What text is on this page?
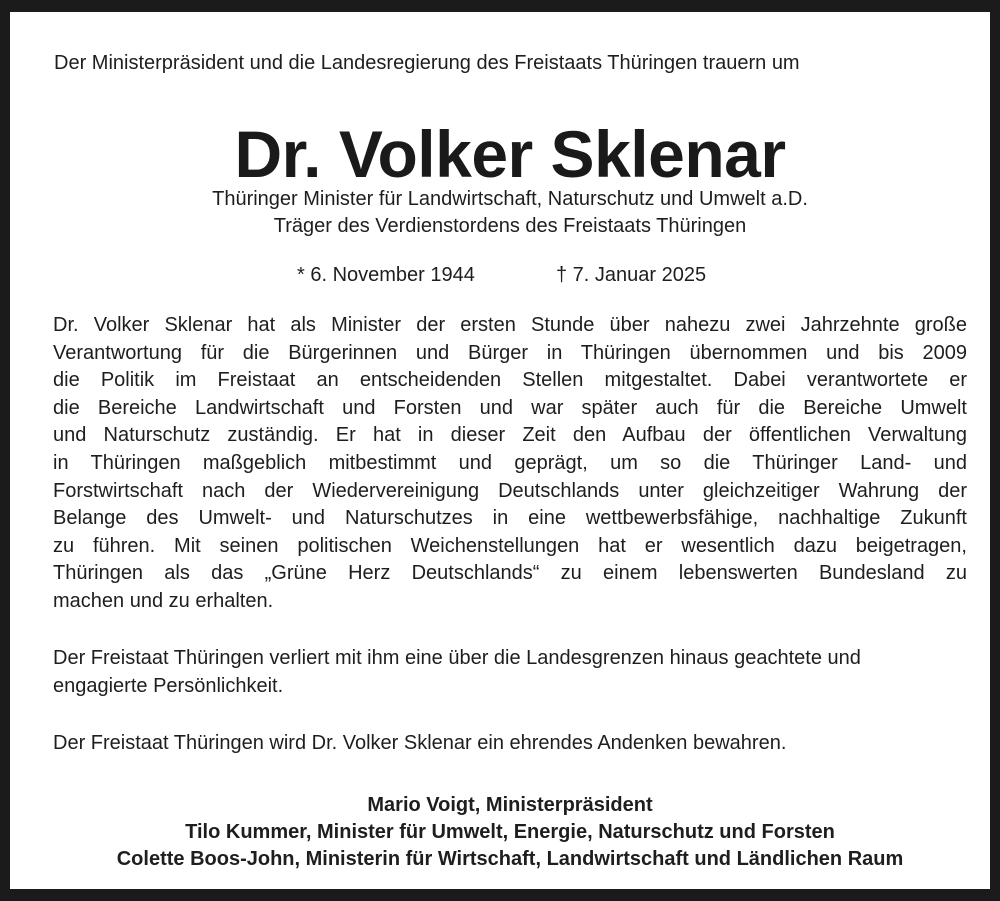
Der Ministerpräsident und die Landesregierung des Freistaats Thüringen trauern um
Dr. Volker Sklenar
Thüringer Minister für Landwirtschaft, Naturschutz und Umwelt a.D.
Träger des Verdienstordens des Freistaats Thüringen
* 6. November 1944	† 7. Januar 2025
Dr. Volker Sklenar hat als Minister der ersten Stunde über nahezu zwei Jahrzehnte große
Verantwortung für die Bürgerinnen und Bürger in Thüringen übernommen und bis 2009
die Politik im Freistaat an entscheidenden Stellen mitgestaltet. Dabei verantwortete er
die Bereiche Landwirtschaft und Forsten und war später auch für die Bereiche Umwelt
und Naturschutz zuständig. Er hat in dieser Zeit den Aufbau der öffentlichen Verwaltung
in Thüringen maßgeblich mitbestimmt und geprägt, um so die Thüringer Land- und
Forstwirtschaft nach der Wiedervereinigung Deutschlands unter gleichzeitiger Wahrung der
Belange des Umwelt- und Naturschutzes in eine wettbewerbsfähige, nachhaltige Zukunft
zu führen. Mit seinen politischen Weichenstellungen hat er wesentlich dazu beigetragen,
Thüringen als das „Grüne Herz Deutschlands“ zu einem lebenswerten Bundesland zu
machen und zu erhalten.
Der Freistaat Thüringen verliert mit ihm eine über die Landesgrenzen hinaus geachtete und
engagierte Persönlichkeit.
Der Freistaat Thüringen wird Dr. Volker Sklenar ein ehrendes Andenken bewahren.
Mario Voigt, Ministerpräsident
Tilo Kummer, Minister für Umwelt, Energie, Naturschutz und Forsten
Colette Boos-John, Ministerin für Wirtschaft, Landwirtschaft und Ländlichen Raum
